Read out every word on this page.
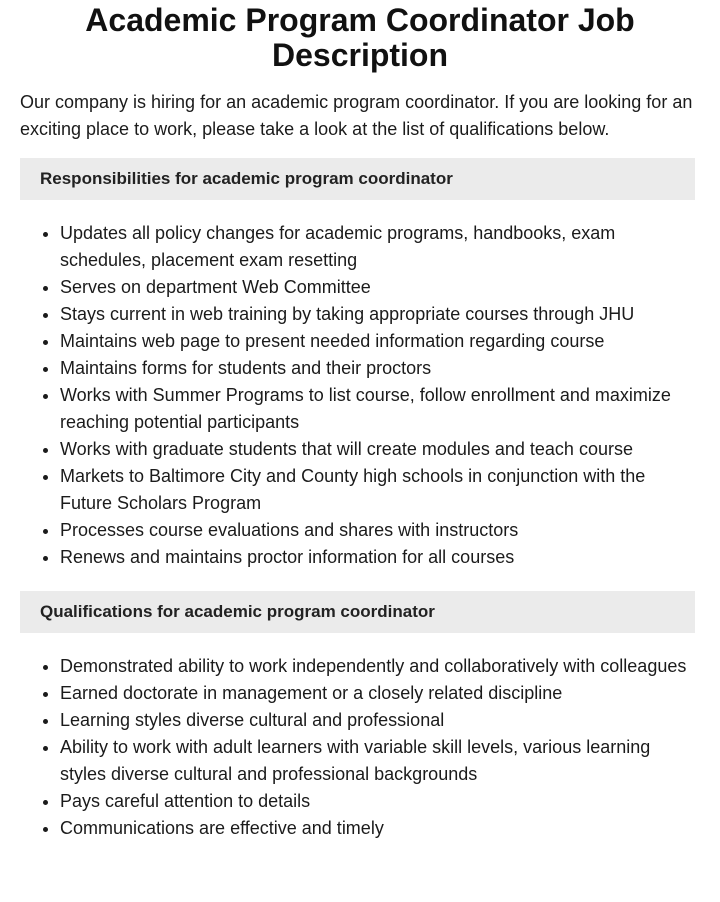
Academic Program Coordinator Job Description

Our company is hiring for an academic program coordinator. If you are looking for an exciting place to work, please take a look at the list of qualifications below.

Responsibilities for academic program coordinator
• Updates all policy changes for academic programs, handbooks, exam schedules, placement exam resetting
• Serves on department Web Committee
• Stays current in web training by taking appropriate courses through JHU
• Maintains web page to present needed information regarding course
• Maintains forms for students and their proctors
• Works with Summer Programs to list course, follow enrollment and maximize reaching potential participants
• Works with graduate students that will create modules and teach course
• Markets to Baltimore City and County high schools in conjunction with the Future Scholars Program
• Processes course evaluations and shares with instructors
• Renews and maintains proctor information for all courses
Qualifications for academic program coordinator
• Demonstrated ability to work independently and collaboratively with colleagues
• Earned doctorate in management or a closely related discipline
• Learning styles diverse cultural and professional
• Ability to work with adult learners with variable skill levels, various learning styles diverse cultural and professional backgrounds
• Pays careful attention to details
• Communications are effective and timely
